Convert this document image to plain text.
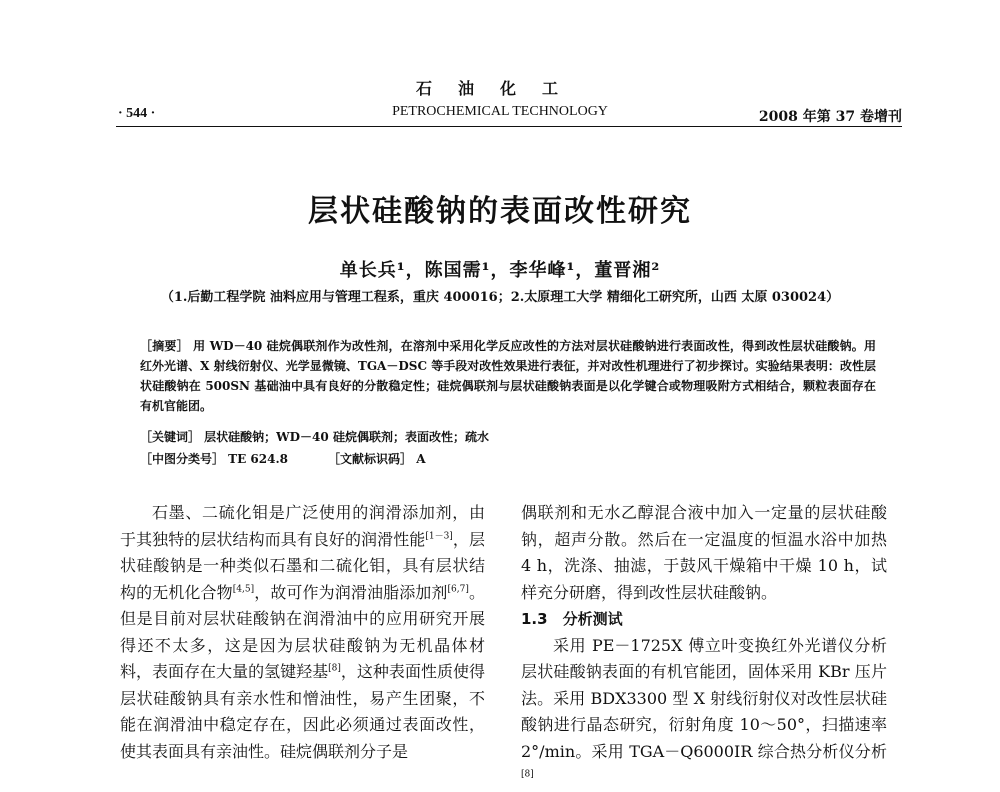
石油化工
· 544 ·	PETROCHEMICAL TECHNOLOGY	2008 年第 37 卷增刊
层状硅酸钠的表面改性研究
单长兵¹，陈国需¹，李华峰¹，董晋湘²
（1.后勤工程学院 油料应用与管理工程系，重庆 400016；2.太原理工大学 精细化工研究所，山西 太原 030024）
［摘要］ 用 WD－40 硅烷偶联剂作为改性剂，在溶剂中采用化学反应改性的方法对层状硅酸钠进行表面改性，得到改性层状硅酸钠。用红外光谱、X 射线衍射仪、光学显微镜、TGA－DSC 等手段对改性效果进行表征，并对改性机理进行了初步探讨。实验结果表明：改性层状硅酸钠在 500SN 基础油中具有良好的分散稳定性；硅烷偶联剂与层状硅酸钠表面是以化学键合或物理吸附方式相结合，颗粒表面存在有机官能团。
［关键词］ 层状硅酸钠；WD－40 硅烷偶联剂；表面改性；疏水
［中图分类号］ TE 624.8	［文献标识码］ A

石墨、二硫化钼是广泛使用的润滑添加剂，由于其独特的层状结构而具有良好的润滑性能[1－3]，层状硅酸钠是一种类似石墨和二硫化钼，具有层状结构的无机化合物[4,5]，故可作为润滑油脂添加剂[6,7]。但是目前对层状硅酸钠在润滑油中的应用研究开展得还不太多，这是因为层状硅酸钠为无机晶体材料，表面存在大量的氢键羟基[8]，这种表面性质使得层状硅酸钠具有亲水性和憎油性，易产生团聚，不能在润滑油中稳定存在，因此必须通过表面改性，使其表面具有亲油性。硅烷偶联剂分子是

偶联剂和无水乙醇混合液中加入一定量的层状硅酸钠，超声分散。然后在一定温度的恒温水浴中加热 4 h，洗涤、抽滤，于鼓风干燥箱中干燥 10 h，试样充分研磨，得到改性层状硅酸钠。

1.3　分析测试

采用 PE－1725X 傅立叶变换红外光谱仪分析层状硅酸钠表面的有机官能团，固体采用 KBr 压片法。采用 BDX3300 型 X 射线衍射仪对改性层状硅酸钠进行晶态研究，衍射角度 10～50°，扫描速率 2°/min。采用 TGA－Q6000IR 综合热分析仪分析[8]
